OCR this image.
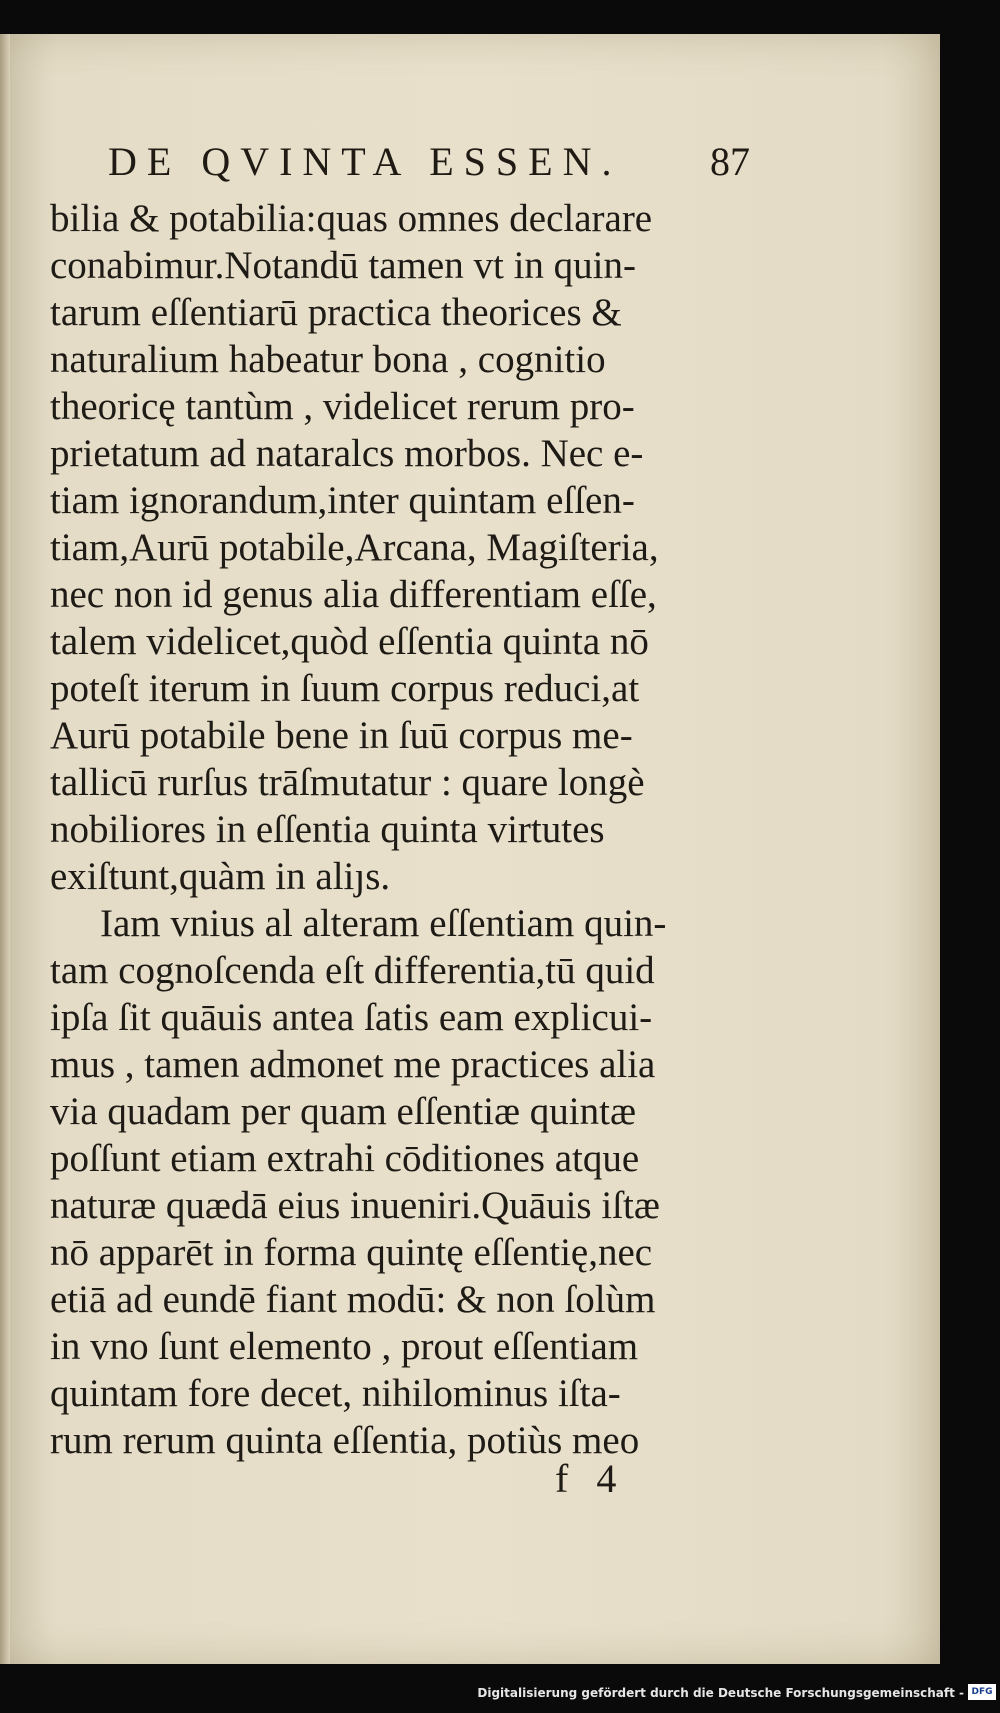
DE QVINTA ESSEN. 87
bilia & potabilia:quas omnes declarare
conabimur.Notandū tamen vt in quin-
tarum eſſentiarū practica theorices &
naturalium habeatur bona , cognitio
theoricę tantùm , videlicet rerum pro-
prietatum ad nataralcs morbos. Nec e-
tiam ignorandum,inter quintam eſſen-
tiam,Aurū potabile,Arcana, Magiſteria,
nec non id genus alia differentiam eſſe,
talem videlicet,quòd eſſentia quinta nō
poteſt iterum in ſuum corpus reduci,at
Aurū potabile bene in ſuū corpus me-
tallicū rurſus trāſmutatur : quare longè
nobiliores in eſſentia quinta virtutes
exiſtunt,quàm in aliȷs.
Iam vnius al alteram eſſentiam quin-
tam cognoſcenda eſt differentia,tū quid
ipſa ſit quāuis antea ſatis eam explicui-
mus , tamen admonet me practices alia
via quadam per quam eſſentiæ quintæ
poſſunt etiam extrahi cōditiones atque
naturæ quædā eius inueniri.Quāuis iſtæ
nō apparēt in forma quintę eſſentię,nec
etiā ad eundē fiant modū: & non ſolùm
in vno ſunt elemento , prout eſſentiam
quintam fore decet, nihilominus iſta-
rum rerum quinta eſſentia, potiùs meo
f 4
Digitalisierung gefördert durch die Deutsche Forschungsgemeinschaft - DFG
